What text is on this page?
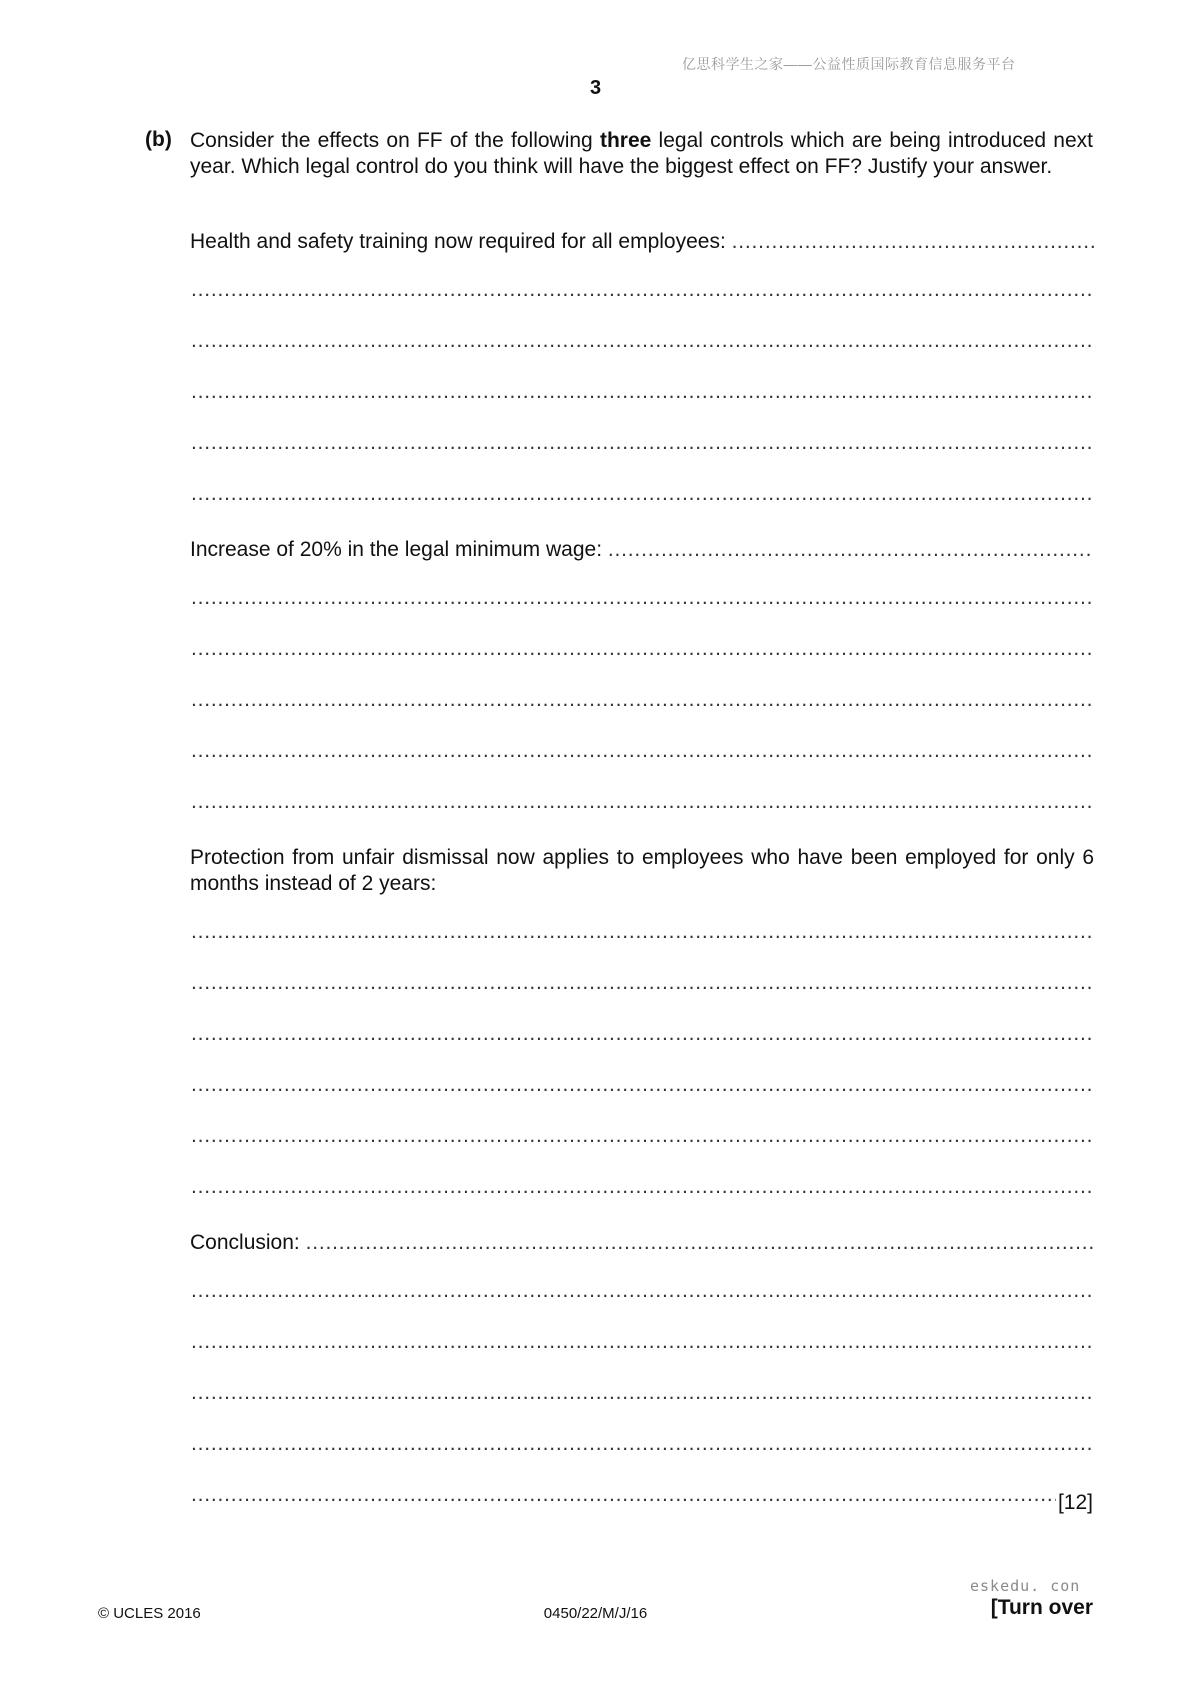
亿思科学生之家——公益性质国际教育信息服务平台
3
(b) Consider the effects on FF of the following three legal controls which are being introduced next year. Which legal control do you think will have the biggest effect on FF? Justify your answer.
Health and safety training now required for all employees: .....
.....
.....
.....
.....
.....
Increase of 20% in the legal minimum wage: .....
.....
.....
.....
.....
.....
Protection from unfair dismissal now applies to employees who have been employed for only 6 months instead of 2 years:
.....
.....
.....
.....
.....
.....
Conclusion: .....
.....
.....
.....
.....
.....
[12]
eskedu. con
© UCLES 2016	0450/22/M/J/16	[Turn over
